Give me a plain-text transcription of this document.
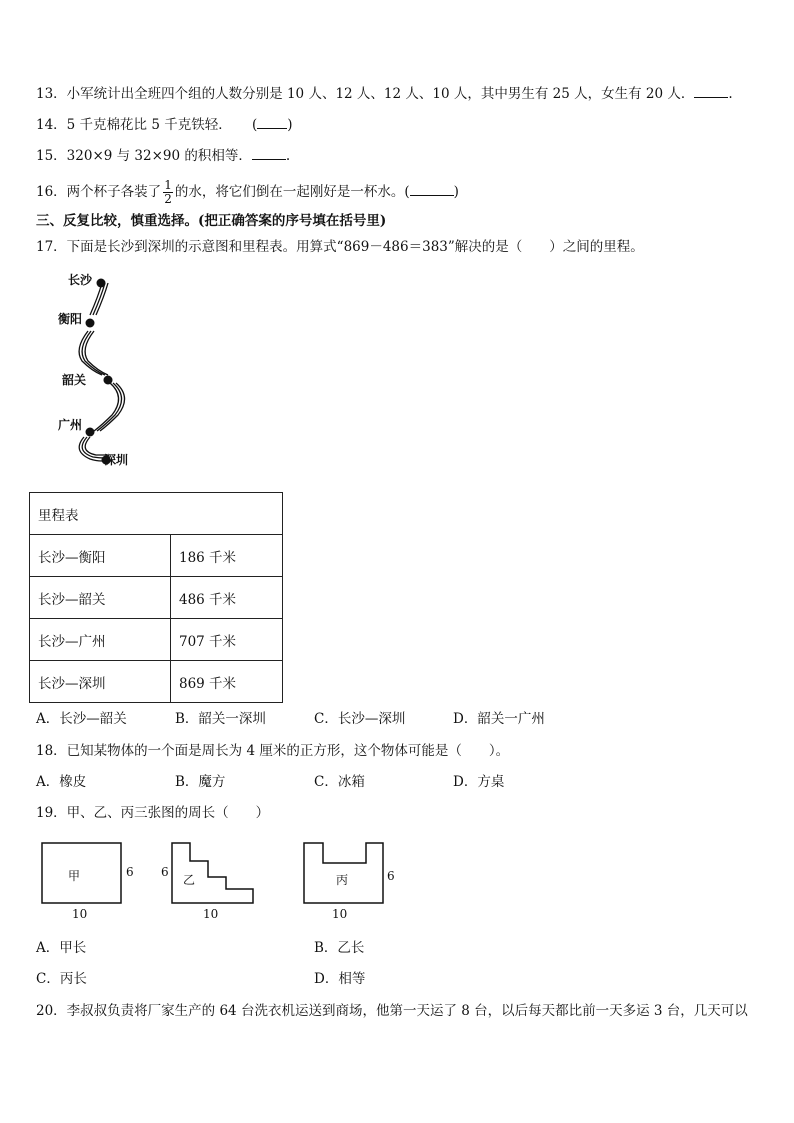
13．小军统计出全班四个组的人数分别是 10 人、12 人、12 人、10 人，其中男生有 25 人，女生有 20 人．	.
14．5 千克棉花比 5 千克铁轻．　　( )
15．320×9 与 32×90 的积相等．	.
16．两个杯子各装了 $\frac{1}{2}$ 的水，将它们倒在一起刚好是一杯水。(	)
三、反复比较，慎重选择。(把正确答案的序号填在括号里)
17．下面是长沙到深圳的示意图和里程表。用算式“869－486＝383”解决的是（　　）之间的里程。
长沙
衡阳
韶关
广州
深圳
里程表	
长沙—衡阳	186 千米
长沙—韶关	486 千米
长沙—广州	707 千米
长沙—深圳	869 千米
A．长沙—韶关	B．韶关一深圳	C．长沙—深圳	D．韶关一广州
18．已知某物体的一个面是周长为 4 厘米的正方形，这个物体可能是（　　）。
A．橡皮	B．魔方	C．冰箱	D．方桌
19．甲、乙、丙三张图的周长（　　）
甲	6
10
乙
6
10
丙	6
10
A．甲长	B．乙长
C．丙长	D．相等
20．李叔叔负责将厂家生产的 64 台洗衣机运送到商场，他第一天运了 8 台，以后每天都比前一天多运 3 台，几天可以
